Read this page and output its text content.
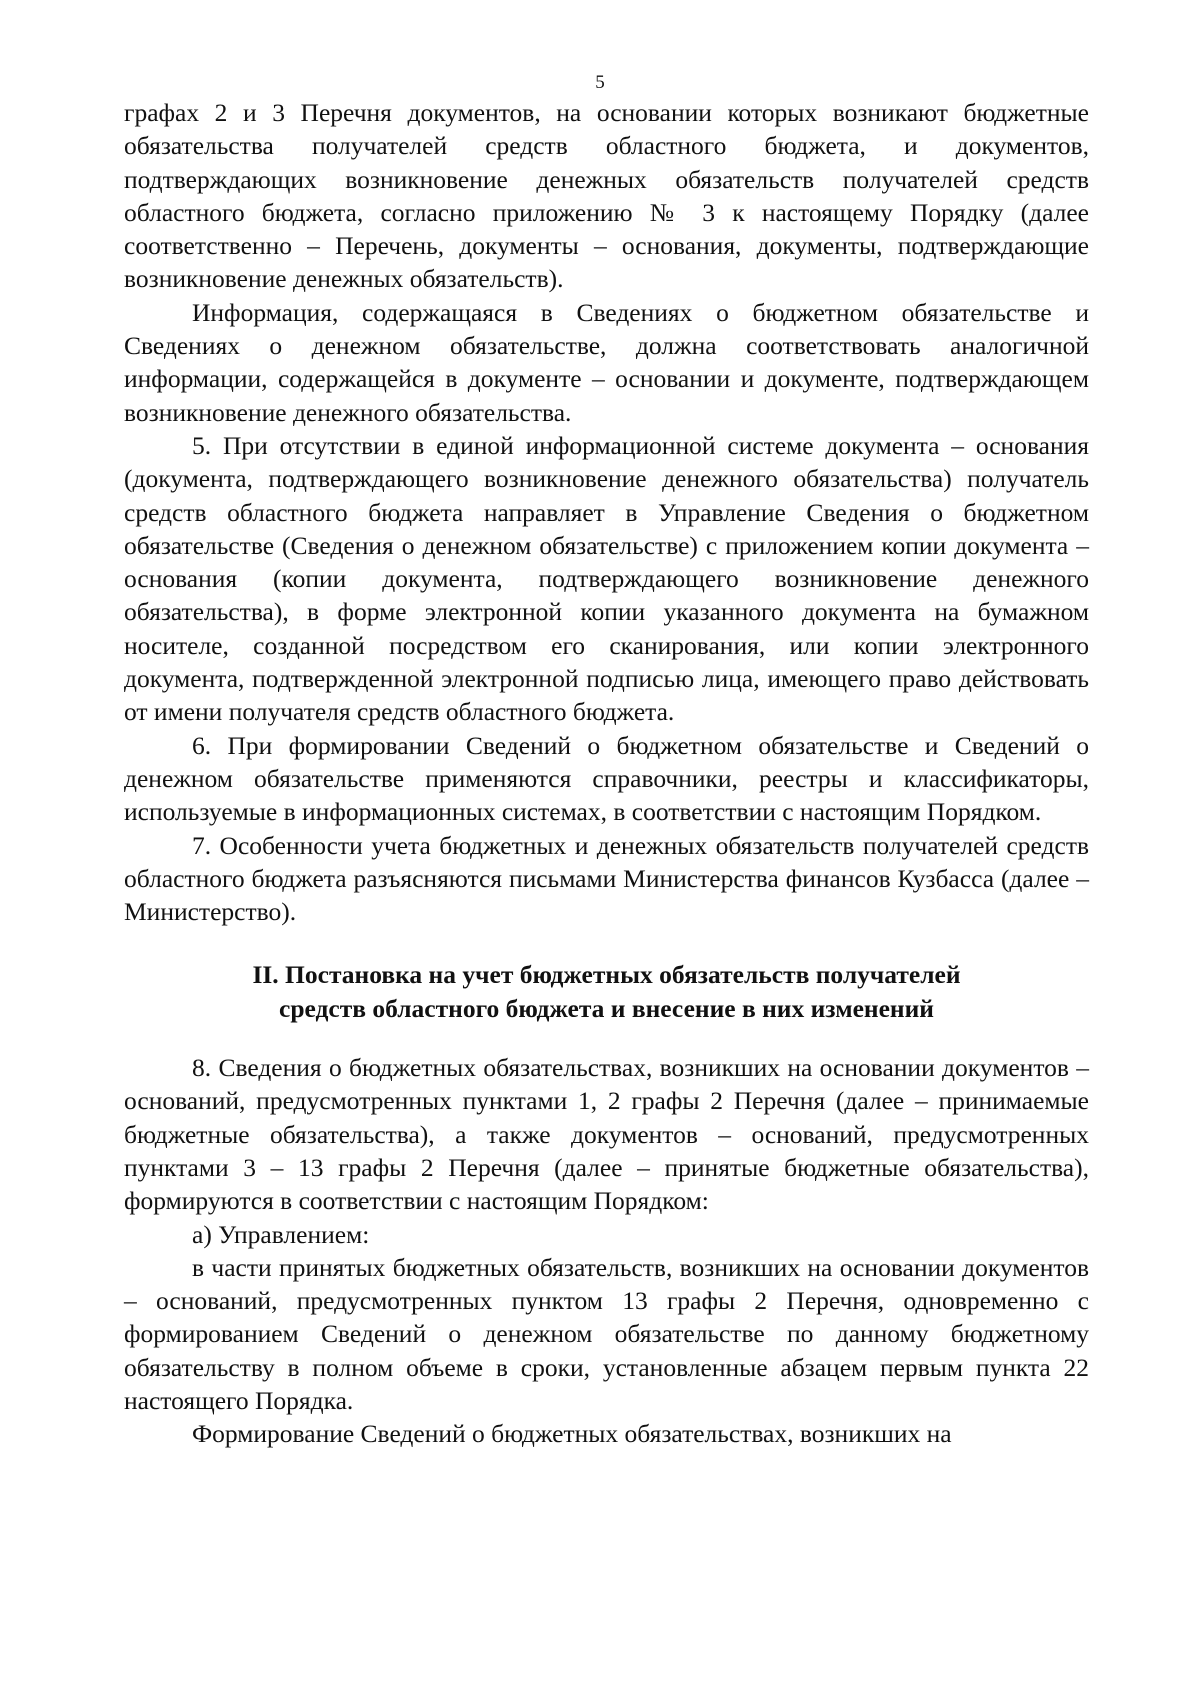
5

графах 2 и 3 Перечня документов, на основании которых возникают бюджетные обязательства получателей средств областного бюджета, и документов, подтверждающих возникновение денежных обязательств получателей средств областного бюджета, согласно приложению № 3 к настоящему Порядку (далее соответственно – Перечень, документы – основания, документы, подтверждающие возникновение денежных обязательств).

Информация, содержащаяся в Сведениях о бюджетном обязательстве и Сведениях о денежном обязательстве, должна соответствовать аналогичной информации, содержащейся в документе – основании и документе, подтверждающем возникновение денежного обязательства.

5. При отсутствии в единой информационной системе документа – основания (документа, подтверждающего возникновение денежного обязательства) получатель средств областного бюджета направляет в Управление Сведения о бюджетном обязательстве (Сведения о денежном обязательстве) с приложением копии документа – основания (копии документа, подтверждающего возникновение денежного обязательства), в форме электронной копии указанного документа на бумажном носителе, созданной посредством его сканирования, или копии электронного документа, подтвержденной электронной подписью лица, имеющего право действовать от имени получателя средств областного бюджета.

6. При формировании Сведений о бюджетном обязательстве и Сведений о денежном обязательстве применяются справочники, реестры и классификаторы, используемые в информационных системах, в соответствии с настоящим Порядком.

7. Особенности учета бюджетных и денежных обязательств получателей средств областного бюджета разъясняются письмами Министерства финансов Кузбасса (далее – Министерство).

II. Постановка на учет бюджетных обязательств получателей
средств областного бюджета и внесение в них изменений

8. Сведения о бюджетных обязательствах, возникших на основании документов – оснований, предусмотренных пунктами 1, 2 графы 2 Перечня (далее – принимаемые бюджетные обязательства), а также документов – оснований, предусмотренных пунктами 3 – 13 графы 2 Перечня (далее – принятые бюджетные обязательства), формируются в соответствии с настоящим Порядком:

а) Управлением:

в части принятых бюджетных обязательств, возникших на основании документов – оснований, предусмотренных пунктом 13 графы 2 Перечня, одновременно с формированием Сведений о денежном обязательстве по данному бюджетному обязательству в полном объеме в сроки, установленные абзацем первым пункта 22 настоящего Порядка.

Формирование Сведений о бюджетных обязательствах, возникших на
